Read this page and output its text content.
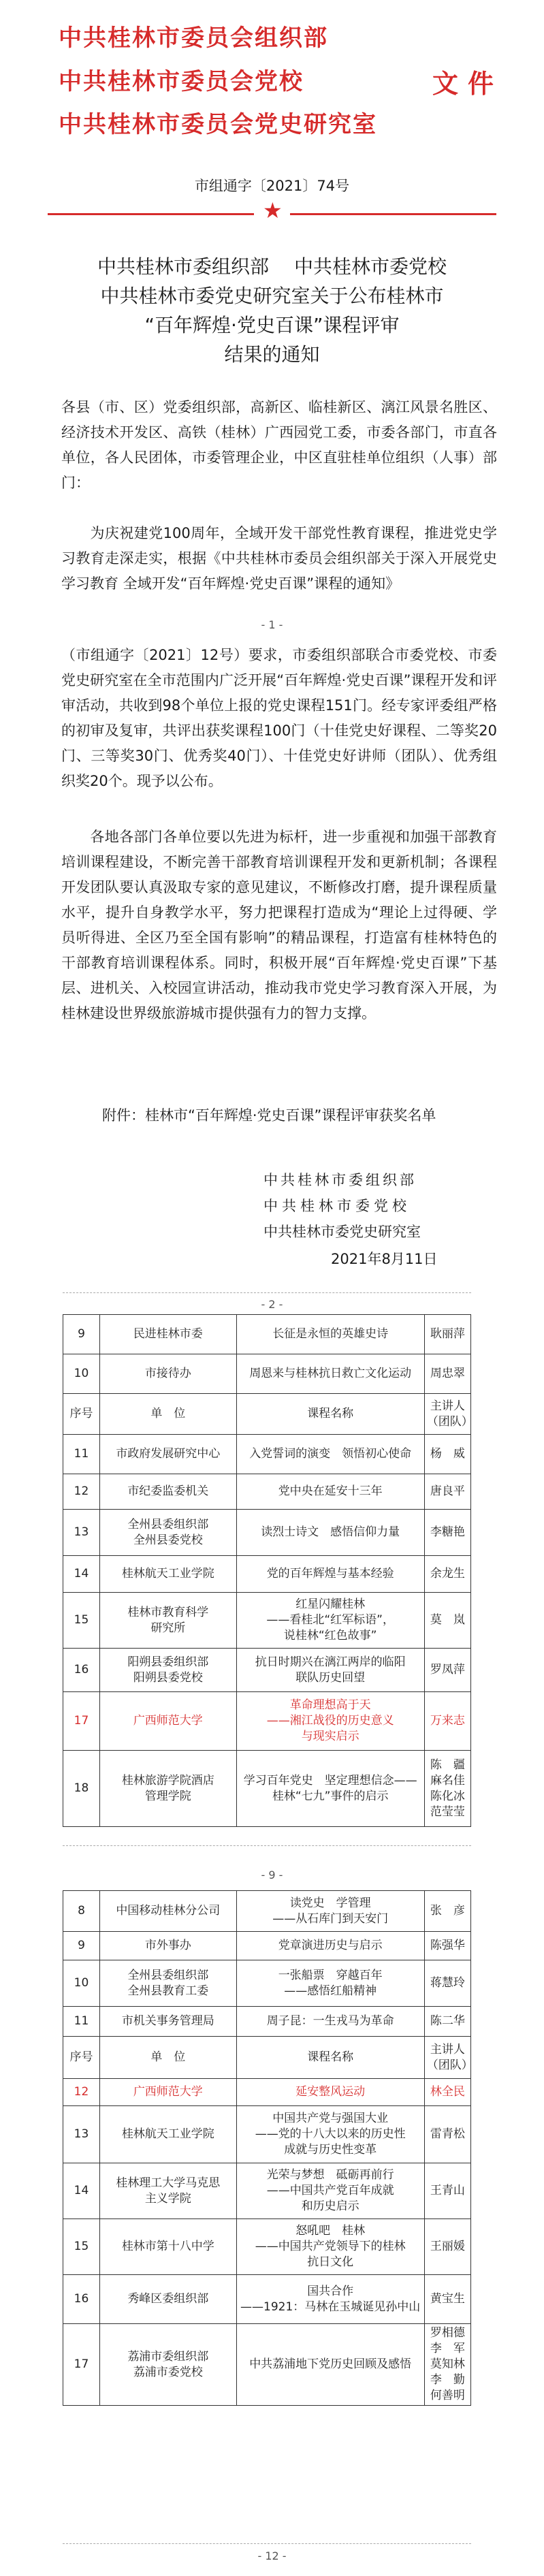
中共桂林市委员会组织部
中共桂林市委员会党校	文件
中共桂林市委员会党史研究室
市组通字〔2021〕74号
★
中共桂林市委组织部　 中共桂林市委党校
中共桂林市委党史研究室关于公布桂林市
“百年辉煌·党史百课”课程评审
结果的通知
各县（市、区）党委组织部，高新区、临桂新区、漓江风景名胜区、经济技术开发区、高铁（桂林）广西园党工委，市委各部门，市直各单位，各人民团体，市委管理企业，中区直驻桂单位组织（人事）部门：
为庆祝建党100周年，全域开发干部党性教育课程，推进党史学习教育走深走实，根据《中共桂林市委员会组织部关于深入开展党史学习教育 全域开发“百年辉煌·党史百课”课程的通知》
- 1 -
（市组通字〔2021〕12号）要求，市委组织部联合市委党校、市委党史研究室在全市范围内广泛开展“百年辉煌·党史百课”课程开发和评审活动，共收到98个单位上报的党史课程151门。经专家评委组严格的初审及复审，共评出获奖课程100门（十佳党史好课程、二等奖20门、三等奖30门、优秀奖40门）、十佳党史好讲师（团队）、优秀组织奖20个。现予以公布。
各地各部门各单位要以先进为标杆，进一步重视和加强干部教育培训课程建设，不断完善干部教育培训课程开发和更新机制；各课程开发团队要认真汲取专家的意见建议，不断修改打磨，提升课程质量水平，提升自身教学水平，努力把课程打造成为“理论上过得硬、学员听得进、全区乃至全国有影响”的精品课程，打造富有桂林特色的干部教育培训课程体系。同时，积极开展“百年辉煌·党史百课”下基层、进机关、入校园宣讲活动，推动我市党史学习教育深入开展，为桂林建设世界级旅游城市提供强有力的智力支撑。
附件：桂林市“百年辉煌·党史百课”课程评审获奖名单
中共桂林市委组织部
中共桂林市委党校
中共桂林市委党史研究室
2021年8月11日
- 2 -
9	民进桂林市委	长征是永恒的英雄史诗	耿丽萍
10	市接待办	周恩来与桂林抗日救亡文化运动	周忠翠
序号	单　位	课程名称	主讲人（团队）
11	市政府发展研究中心	入党誓词的演变　领悟初心使命	杨　威
12	市纪委监委机关	党中央在延安十三年	唐良平
13	全州县委组织部
全州县委党校	读烈士诗文　感悟信仰力量	李糖艳
14	桂林航天工业学院	党的百年辉煌与基本经验	余龙生
15	桂林市教育科学
研究所	红星闪耀桂林
——看桂北“红军标语”，
说桂林“红色故事”	莫　岚
16	阳朔县委组织部
阳朔县委党校	抗日时期兴在漓江两岸的临阳
联队历史回望	罗凤萍
17	广西师范大学	革命理想高于天
——湘江战役的历史意义
与现实启示	万来志
18	桂林旅游学院酒店
管理学院	学习百年党史　坚定理想信念——
桂林“七九”事件的启示	陈　疆
麻名佳
陈化冰
范莹莹
- 9 -
8	中国移动桂林分公司	读党史　学管理
——从石库门到天安门	张　彦
9	市外事办	党章演进历史与启示	陈强华
10	全州县委组织部
全州县教育工委	一张船票　穿越百年
——感悟红船精神	蒋慧玲
11	市机关事务管理局	周子昆：一生戎马为革命	陈二华
序号	单　位	课程名称	主讲人（团队）
12	广西师范大学	延安整风运动	林全民
13	桂林航天工业学院	中国共产党与强国大业
——党的十八大以来的历史性
成就与历史性变革	雷青松
14	桂林理工大学马克思
主义学院	光荣与梦想　砥砺再前行
——中国共产党百年成就
和历史启示	王青山
15	桂林市第十八中学	怒吼吧　桂林
——中国共产党领导下的桂林
抗日文化	王丽媛
16	秀峰区委组织部	国共合作
——1921：马林在玉城诞见孙中山	黄宝生
17	荔浦市委组织部
荔浦市委党校	中共荔浦地下党历史回顾及感悟	罗相德
李　军
莫知林
李　勤
何善明
- 12 -
